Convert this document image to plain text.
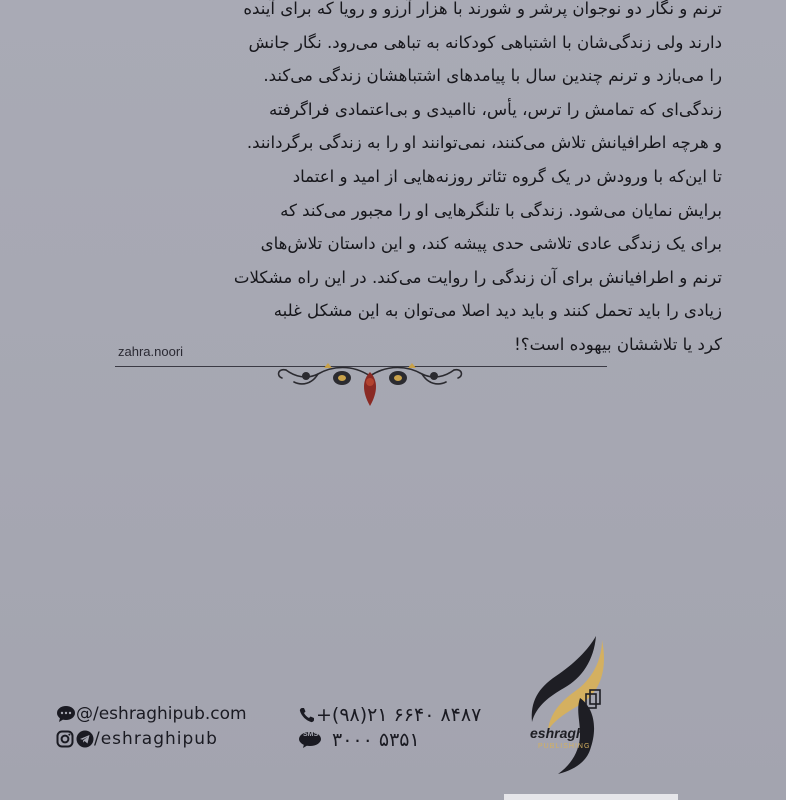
ترنم و نگار دو نوجوان پرشر و شورند با هزار آرزو و رویا که برای آینده

دارند ولی زندگی‌شان با اشتباهی کودکانه به تباهی می‌رود. نگار جانش

را می‌بازد و ترنم چندین سال با پیامدهای اشتباهشان زندگی می‌کند.

زندگی‌ای که تمامش را ترس، یأس، ناامیدی و بی‌اعتمادی فراگرفته

و هرچه اطرافیانش تلاش می‌کنند، نمی‌توانند او را به زندگی برگردانند.

تا این‌که با ورودش در یک گروه تئاتر روزنه‌هایی از امید و اعتماد

برایش نمایان می‌شود. زندگی با تلنگرهایی او را مجبور می‌کند که

برای یک زندگی عادی تلاشی حدی پیشه کند، و این داستان تلاش‌های

ترنم و اطرافیانش برای آن زندگی را روایت می‌کند. در این راه مشکلات

زیادی را باید تحمل کنند و باید دید اصلا می‌توان به این مشکل غلبه

کرد یا تلاششان بیهوده است؟!

zahra.noori
@/eshraghipub.com
/eshraghipub
+(۹۸)۲۱ ۶۶۴۰ ۸۴۸۷
SMS ۳۰۰۰ ۵۳۵۱	eshraghi
PUBLISHING
